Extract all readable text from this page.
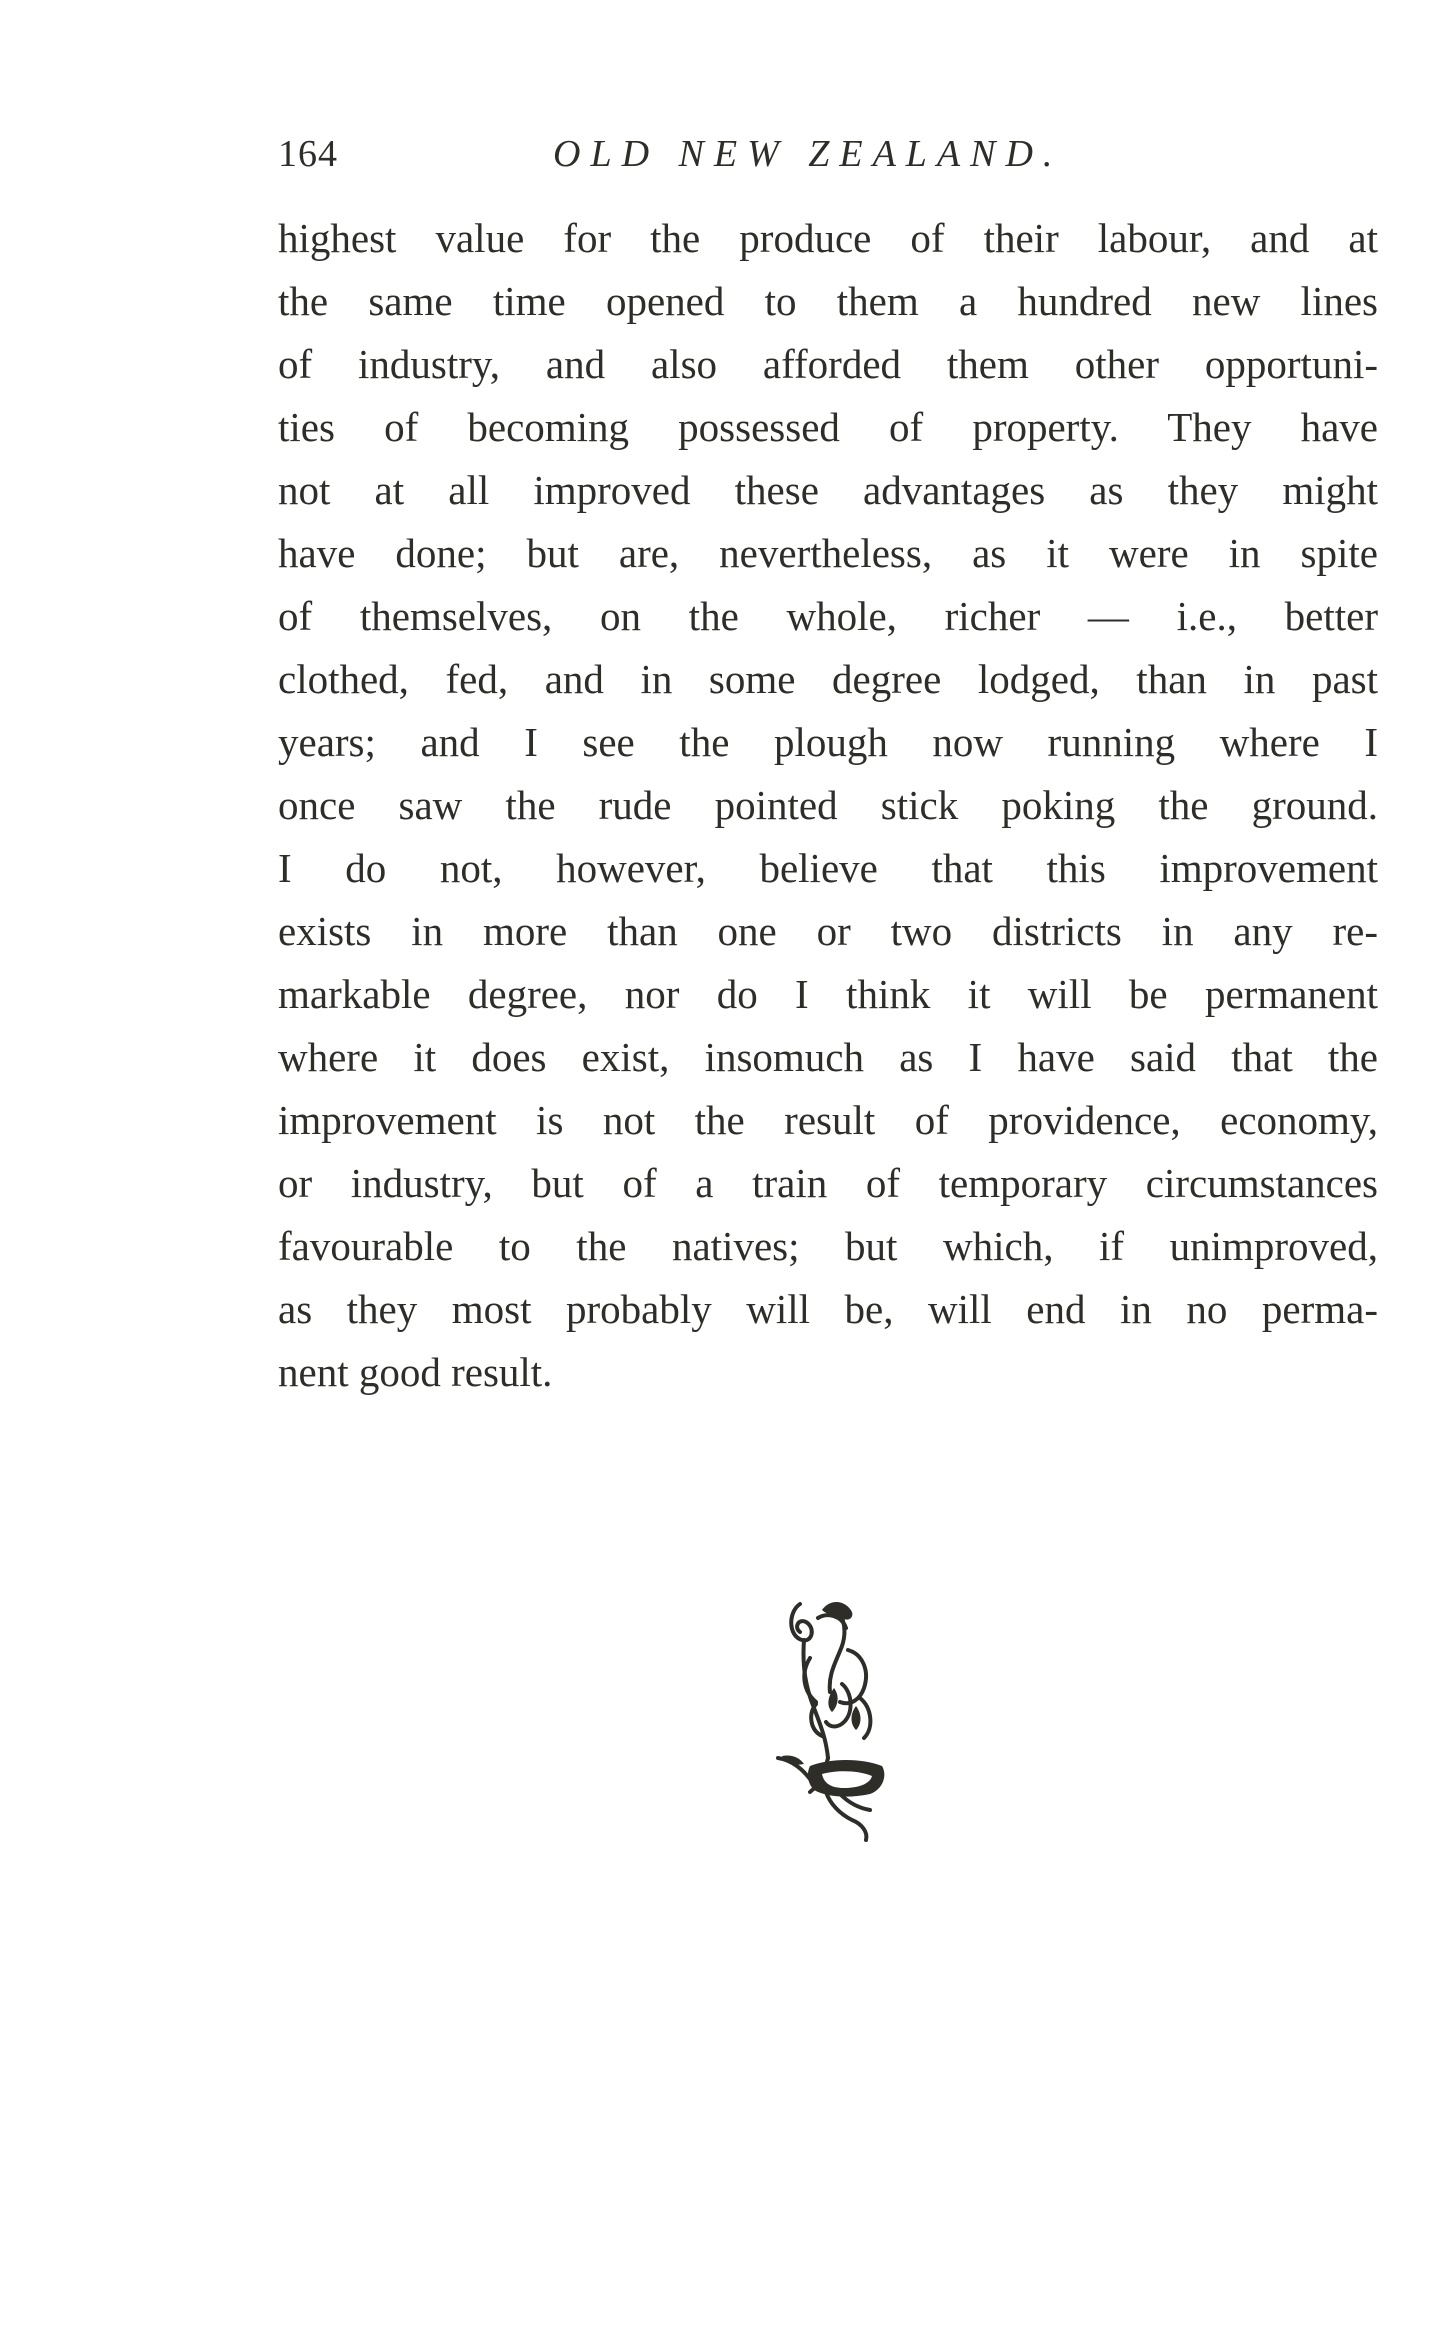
164	OLD NEW ZEALAND.
highest value for the produce of their labour, and at
the same time opened to them a hundred new lines
of industry, and also afforded them other opportuni-
ties of becoming possessed of property. They have
not at all improved these advantages as they might
have done; but are, nevertheless, as it were in spite
of themselves, on the whole, richer — i.e., better
clothed, fed, and in some degree lodged, than in past
years; and I see the plough now running where I
once saw the rude pointed stick poking the ground.
I do not, however, believe that this improvement
exists in more than one or two districts in any re-
markable degree, nor do I think it will be permanent
where it does exist, insomuch as I have said that the
improvement is not the result of providence, economy,
or industry, but of a train of temporary circumstances
favourable to the natives; but which, if unimproved,
as they most probably will be, will end in no perma-
nent good result.
